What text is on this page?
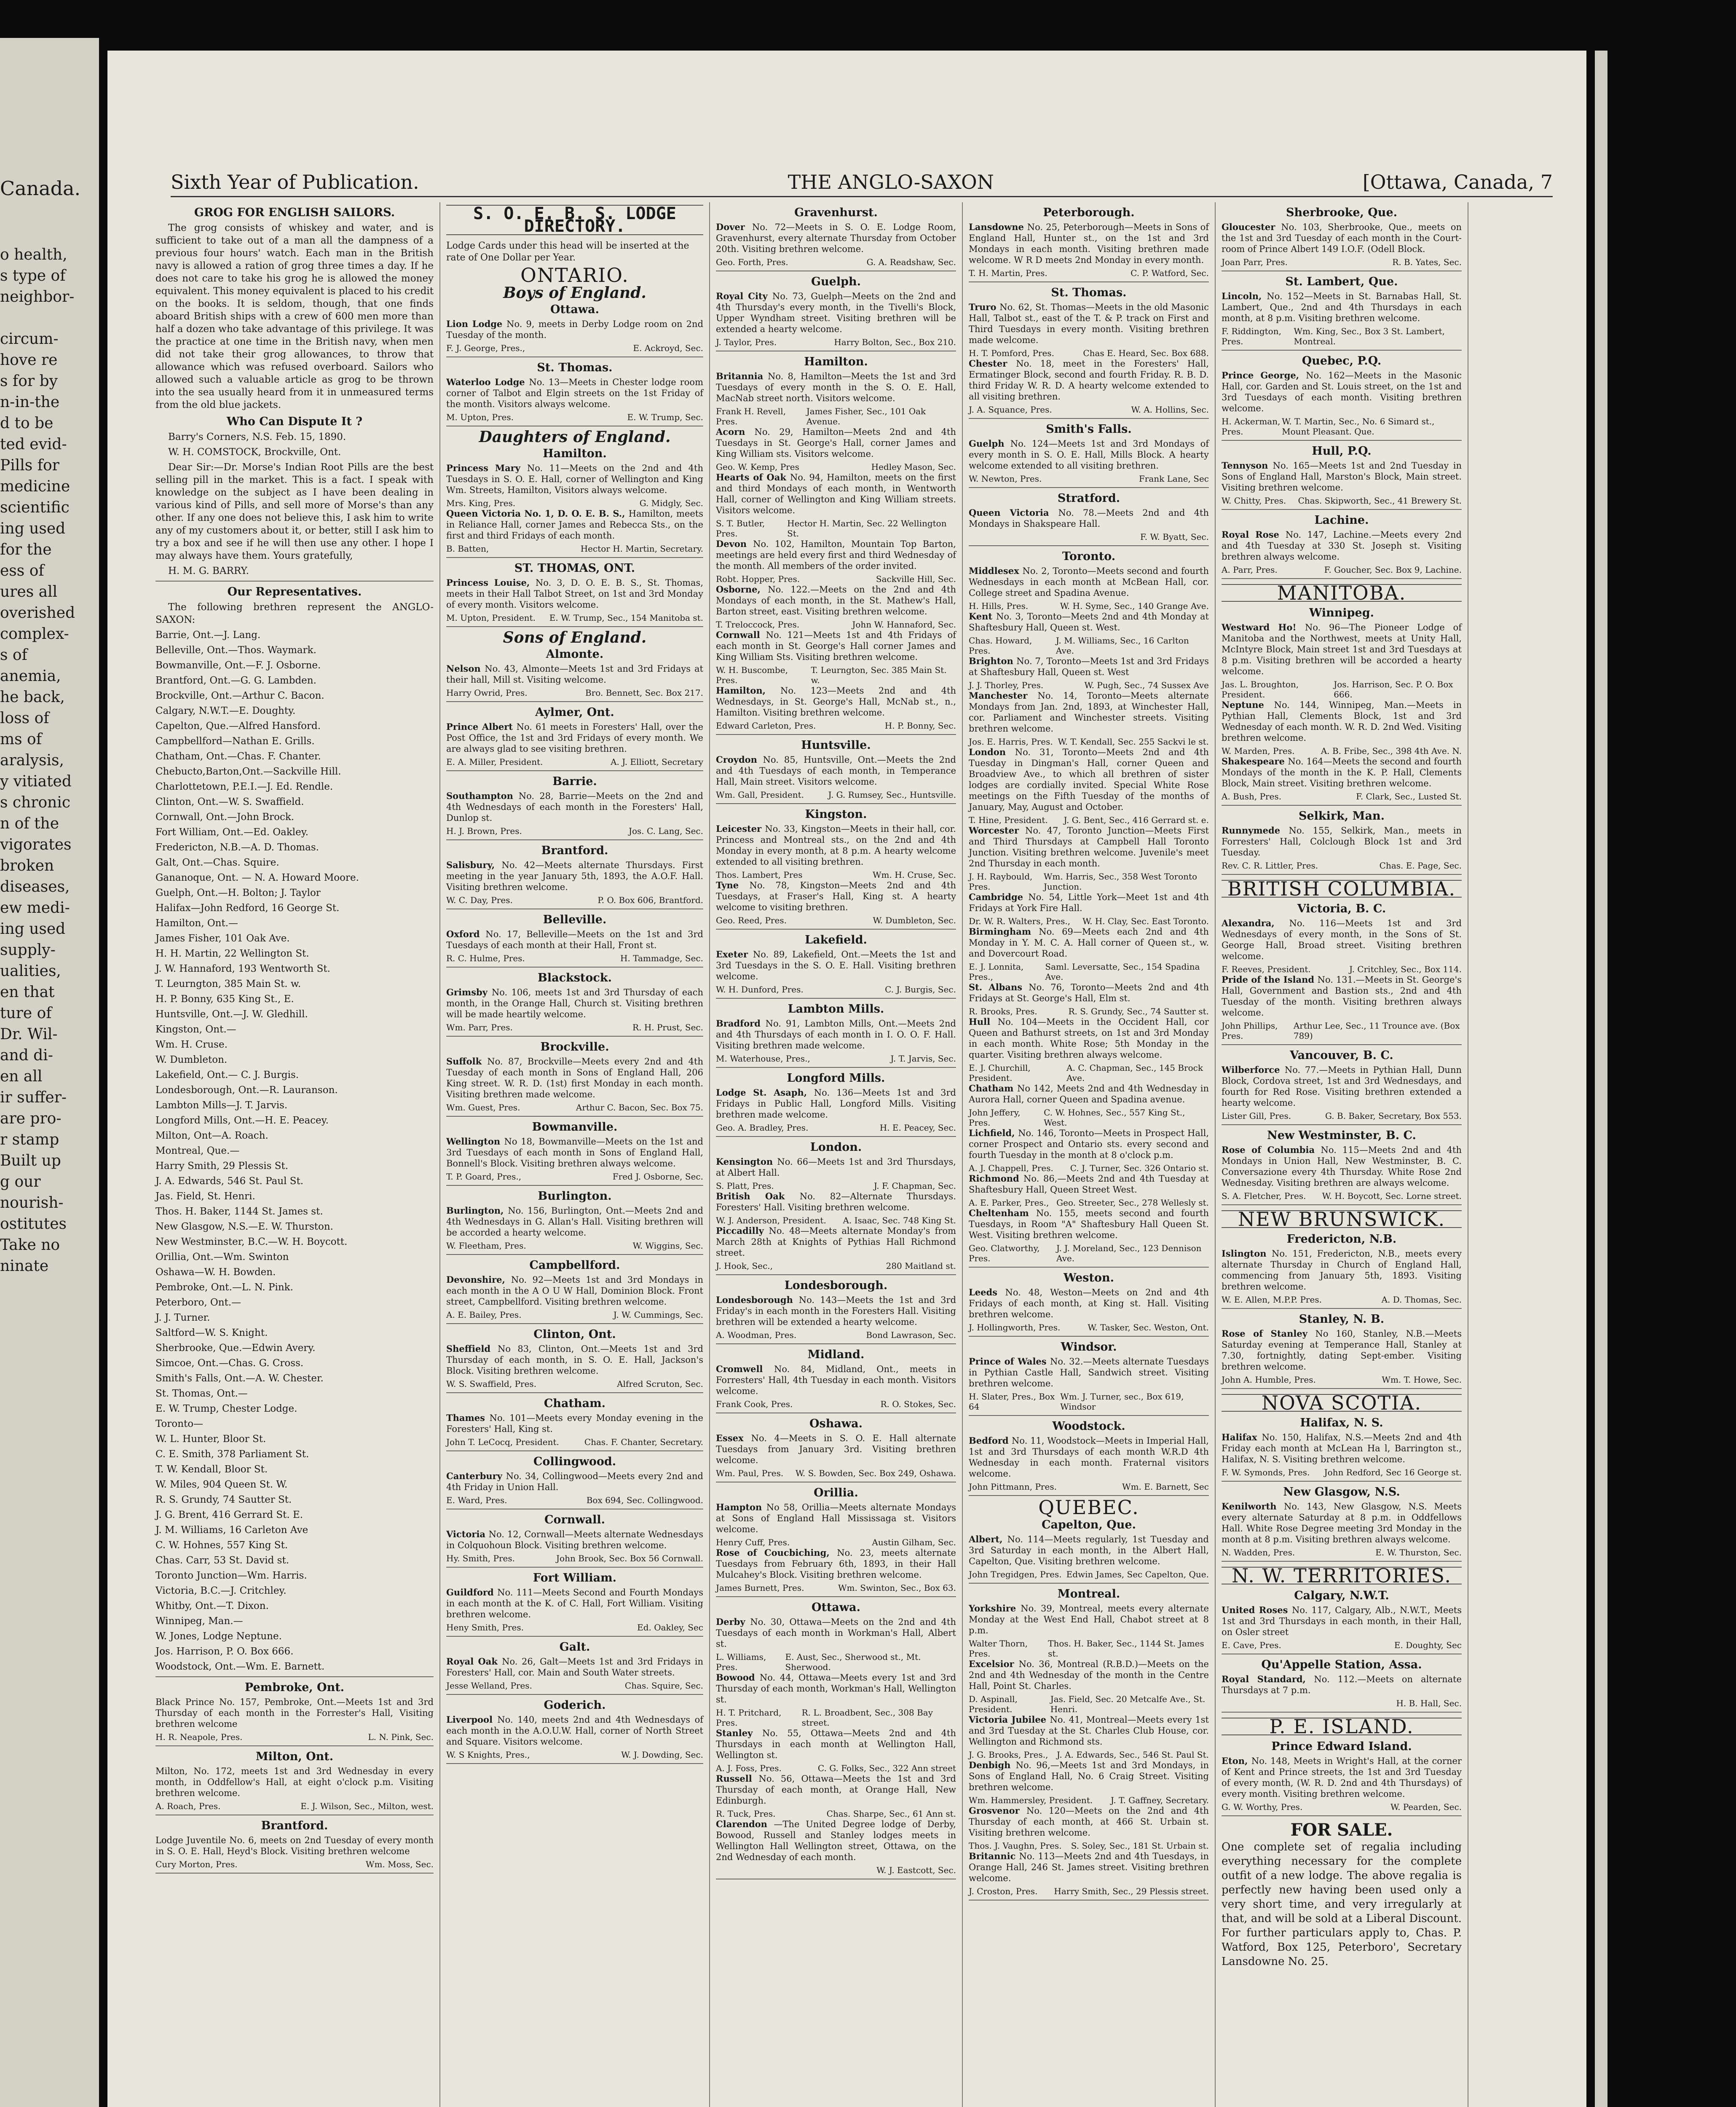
Canada.
o health,
s type of
neighbor-

circum-
hove re
s for by
n-in-the
d to be
ted evid-
Pills for
medicine
scientific
ing used
for the
ess of
ures all
overished
complex-
s of
anemia,
he back,
loss of
ms of
aralysis,
y vitiated
s chronic
n of the
vigorates
broken
diseases,
ew medi-
ing used
supply-
ualities,
en that
ture of
Dr. Wil-
and di-
en all
ir suffer-
are pro-
r stamp
Built up
g our
nourish-
ostitutes
Take no
ninate
Sixth Year of Publication.	THE ANGLO-SAXON	[Ottawa, Canada, 7
GROG FOR ENGLISH SAILORS.
The grog consists of whiskey and water, and is sufficient to take out of a man all the dampness of a previous four hours' watch. Each man in the British navy is allowed a ration of grog three times a day. If he does not care to take his grog he is allowed the money equivalent. This money equivalent is placed to his credit on the books. It is seldom, though, that one finds aboard British ships with a crew of 600 men more than half a dozen who take advantage of this privilege. It was the practice at one time in the British navy, when men did not take their grog allowances, to throw that allowance which was refused overboard. Sailors who allowed such a valuable article as grog to be thrown into the sea usually heard from it in unmeasured terms from the old blue jackets.
Who Can Dispute It ?
Barry's Corners, N.S. Feb. 15, 1890.
W. H. COMSTOCK, Brockville, Ont.
Dear Sir:—Dr. Morse's Indian Root Pills are the best selling pill in the market. This is a fact. I speak with knowledge on the subject as I have been dealing in various kind of Pills, and sell more of Morse's than any other. If any one does not believe this, I ask him to write any of my customers about it, or better, still I ask him to try a box and see if he will then use any other. I hope I may always have them. Yours gratefully,
H. M. G. BARRY.
Our Representatives.
The following brethren represent the ANGLO-SAXON:
Barrie, Ont.—J. Lang.
Belleville, Ont.—Thos. Waymark.
Bowmanville, Ont.—F. J. Osborne.
Brantford, Ont.—G. G. Lambden.
Brockville, Ont.—Arthur C. Bacon.
Calgary, N.W.T.—E. Doughty.
Capelton, Que.—Alfred Hansford.
Campbellford—Nathan E. Grills.
Chatham, Ont.—Chas. F. Chanter.
Chebucto,Barton,Ont.—Sackville Hill.
Charlottetown, P.E.I.—J. Ed. Rendle.
Clinton, Ont.—W. S. Swaffield.
Cornwall, Ont.—John Brock.
Fort William, Ont.—Ed. Oakley.
Fredericton, N.B.—A. D. Thomas.
Galt, Ont.—Chas. Squire.
Gananoque, Ont. — N. A. Howard Moore.
Guelph, Ont.—H. Bolton; J. Taylor
Halifax—John Redford, 16 George St.
Hamilton, Ont.—
James Fisher, 101 Oak Ave.
H. H. Martin, 22 Wellington St.
J. W. Hannaford, 193 Wentworth St.
T. Leurngton, 385 Main St. w.
H. P. Bonny, 635 King St., E.
Huntsville, Ont.—J. W. Gledhill.
Kingston, Ont.—
Wm. H. Cruse.
W. Dumbleton.
Lakefield, Ont.— C. J. Burgis.
Londesborough, Ont.—R. Lauranson.
Lambton Mills—J. T. Jarvis.
Longford Mills, Ont.—H. E. Peacey.
Milton, Ont—A. Roach.
Montreal, Que.—
Harry Smith, 29 Plessis St.
J. A. Edwards, 546 St. Paul St.
Jas. Field, St. Henri.
Thos. H. Baker, 1144 St. James st.
New Glasgow, N.S.—E. W. Thurston.
New Westminster, B.C.—W. H. Boycott.
Orillia, Ont.—Wm. Swinton
Oshawa—W. H. Bowden.
Pembroke, Ont.—L. N. Pink.
Peterboro, Ont.—
J. J. Turner.
Saltford—W. S. Knight.
Sherbrooke, Que.—Edwin Avery.
Simcoe, Ont.—Chas. G. Cross.
Smith's Falls, Ont.—A. W. Chester.
St. Thomas, Ont.—
E. W. Trump, Chester Lodge.
Toronto—
W. L. Hunter, Bloor St.
C. E. Smith, 378 Parliament St.
T. W. Kendall, Bloor St.
W. Miles, 904 Queen St. W.
R. S. Grundy, 74 Sautter St.
J. G. Brent, 416 Gerrard St. E.
J. M. Williams, 16 Carleton Ave
C. W. Hohnes, 557 King St.
Chas. Carr, 53 St. David st.
Toronto Junction—Wm. Harris.
Victoria, B.C.—J. Critchley.
Whitby, Ont.—T. Dixon.
Winnipeg, Man.—
W. Jones, Lodge Neptune.
Jos. Harrison, P. O. Box 666.
Woodstock, Ont.—Wm. E. Barnett.
Pembroke, Ont.
Black Prince No. 157, Pembroke, Ont.—Meets 1st and 3rd Thursday of each month in the Forrester's Hall, Visiting brethren welcome
H. R. Neapole, Pres.	L. N. Pink, Sec.
Milton, Ont.
Milton, No. 172, meets 1st and 3rd Wednesday in every month, in Oddfellow's Hall, at eight o'clock p.m. Visiting brethren welcome.
A. Roach, Pres.	E. J. Wilson, Sec., Milton, west.
Brantford.
Lodge Juventile No. 6, meets on 2nd Tuesday of every month in S. O. E. Hall, Heyd's Block. Visiting brethren welcome
Cury Morton, Pres.	Wm. Moss, Sec.
S. O. E. B. S. LODGE DIRECTORY.
Lodge Cards under this head will be inserted at the rate of One Dollar per Year.
ONTARIO.
Boys of England.
Ottawa.
Lion Lodge No. 9, meets in Derby Lodge room on 2nd Tuesday of the month.
F. J. George, Pres.,	E. Ackroyd, Sec.
St. Thomas.
Waterloo Lodge No. 13—Meets in Chester lodge room corner of Talbot and Elgin streets on the 1st Friday of the month. Visitors always welcome.
M. Upton, Pres.	E. W. Trump, Sec.
Daughters of England.
Hamilton.
Princess Mary No. 11—Meets on the 2nd and 4th Tuesdays in S. O. E. Hall, corner of Wellington and King Wm. Streets, Hamilton, Visitors always welcome.
Mrs. King, Pres.	G. Midgly, Sec.
Queen Victoria No. 1, D. O. E. B. S., Hamilton, meets in Reliance Hall, corner James and Rebecca Sts., on the first and third Fridays of each month.
B. Batten,	Hector H. Martin, Secretary.
ST. THOMAS, ONT.
Princess Louise, No. 3, D. O. E. B. S., St. Thomas, meets in their Hall Talbot Street, on 1st and 3rd Monday of every month. Visitors welcome.
M. Upton, President. E. W. Trump, Sec., 154 Manitoba st.
Sons of England.
Almonte.
Nelson No. 43, Almonte—Meets 1st and 3rd Fridays at their hall, Mill st. Visiting welcome.
Harry Owrid, Pres.	Bro. Bennett, Sec. Box 217.
Aylmer, Ont.
Prince Albert No. 61 meets in Foresters' Hall, over the Post Office, the 1st and 3rd Fridays of every month. We are always glad to see visiting brethren.
E. A. Miller, President.	A. J. Elliott, Secretary
Barrie.
Southampton No. 28, Barrie—Meets on the 2nd and 4th Wednesdays of each month in the Foresters' Hall, Dunlop st.
H. J. Brown, Pres.	Jos. C. Lang, Sec.
Brantford.
Salisbury, No. 42—Meets alternate Thursdays. First meeting in the year January 5th, 1893, the A.O.F. Hall. Visiting brethren welcome.
W. C. Day, Pres.	P. O. Box 606, Brantford.
Belleville.
Oxford No. 17, Belleville—Meets on the 1st and 3rd Tuesdays of each month at their Hall, Front st.
R. C. Hulme, Pres.	H. Tammadge, Sec.
Blackstock.
Grimsby No. 106, meets 1st and 3rd Thursday of each month, in the Orange Hall, Church st. Visiting brethren will be made heartily welcome.
Wm. Parr, Pres.	R. H. Prust, Sec.
Brockville.
Suffolk No. 87, Brockville—Meets every 2nd and 4th Tuesday of each month in Sons of England Hall, 206 King street. W. R. D. (1st) first Monday in each month. Visiting brethren made welcome.
Wm. Guest, Pres.	Arthur C. Bacon, Sec. Box 75.
Bowmanville.
Wellington No 18, Bowmanville—Meets on the 1st and 3rd Tuesdays of each month in Sons of England Hall, Bonnell's Block. Visiting brethren always welcome.
T. P. Goard, Pres.,	Fred J. Osborne, Sec.
Burlington.
Burlington, No. 156, Burlington, Ont.—Meets 2nd and 4th Wednesdays in G. Allan's Hall. Visiting brethren will be accorded a hearty welcome.
W. Fleetham, Pres.	W. Wiggins, Sec.
Campbellford.
Devonshire, No. 92—Meets 1st and 3rd Mondays in each month in the A O U W Hall, Dominion Block. Front street, Campbellford. Visiting brethren welcome.
A. E. Bailey, Pres.	J. W. Cummings, Sec.
Clinton, Ont.
Sheffield No 83, Clinton, Ont.—Meets 1st and 3rd Thursday of each month, in S. O. E. Hall, Jackson's Block. Visiting brethren welcome.
W. S. Swaffield, Pres.	Alfred Scruton, Sec.
Chatham.
Thames No. 101—Meets every Monday evening in the Foresters' Hall, King st.
John T. LeCocq, President.	Chas. F. Chanter, Secretary.
Collingwood.
Canterbury No. 34, Collingwood—Meets every 2nd and 4th Friday in Union Hall.
E. Ward, Pres.	Box 694, Sec. Collingwood.
Cornwall.
Victoria No. 12, Cornwall—Meets alternate Wednesdays in Colquohoun Block. Visiting brethren welcome.
Hy. Smith, Pres.	John Brook, Sec. Box 56 Cornwall.
Fort William.
Guildford No. 111—Meets Second and Fourth Mondays in each month at the K. of C. Hall, Fort William. Visiting brethren welcome.
Heny Smith, Pres.	Ed. Oakley, Sec
Galt.
Royal Oak No. 26, Galt—Meets 1st and 3rd Fridays in Foresters' Hall, cor. Main and South Water streets.
Jesse Welland, Pres.	Chas. Squire, Sec.
Goderich.
Liverpool No. 140, meets 2nd and 4th Wednesdays of each month in the A.O.U.W. Hall, corner of North Street and Square. Visitors welcome.
W. S Knights, Pres.,	W. J. Dowding, Sec.
Gravenhurst.
Dover No. 72—Meets in S. O. E. Lodge Room, Gravenhurst, every alternate Thursday from October 20th. Visiting brethren welcome.
Geo. Forth, Pres.	G. A. Readshaw, Sec.
Guelph.
Royal City No. 73, Guelph—Meets on the 2nd and 4th Thursday's every month, in the Tivelli's Block, Upper Wyndham street. Visiting brethren will be extended a hearty welcome.
J. Taylor, Pres.	Harry Bolton, Sec., Box 210.
Hamilton.
Britannia No. 8, Hamilton—Meets the 1st and 3rd Tuesdays of every month in the S. O. E. Hall, MacNab street north. Visitors welcome.
Frank H. Revell, Pres.
James Fisher, Sec., 101 Oak Avenue.
Acorn No. 29, Hamilton—Meets 2nd and 4th Tuesdays in St. George's Hall, corner James and King William sts. Visitors welcome.
Geo. W. Kemp, Pres	Hedley Mason, Sec.
Hearts of Oak No. 94, Hamilton, meets on the first and third Mondays of each month, in Wentworth Hall, corner of Wellington and King William streets. Visitors welcome.
S. T. Butler, Pres.
Hector H. Martin, Sec. 22 Wellington St.
Devon No. 102, Hamilton, Mountain Top Barton, meetings are held every first and third Wednesday of the month. All members of the order invited.
Robt. Hopper, Pres.	Sackville Hill, Sec.
Osborne, No. 122.—Meets on the 2nd and 4th Mondays of each month, in the St. Mathew's Hall, Barton street, east. Visiting brethren welcome.
T. Treloccock, Pres.	John W. Hannaford, Sec.
Cornwall No. 121—Meets 1st and 4th Fridays of each month in St. George's Hall corner James and King William Sts. Visiting brethren welcome.
W. H. Buscombe, Pres.
T. Leurngton, Sec. 385 Main St. w.
Hamilton, No. 123—Meets 2nd and 4th Wednesdays, in St. George's Hall, McNab st., n., Hamilton. Visiting brethren welcome.
Edward Carleton, Pres.	H. P. Bonny, Sec.
Huntsville.
Croydon No. 85, Huntsville, Ont.—Meets the 2nd and 4th Tuesdays of each month, in Temperance Hall, Main street. Visitors welcome.
Wm. Gall, President.	J. G. Rumsey, Sec., Huntsville.
Kingston.
Leicester No. 33, Kingston—Meets in their hall, cor. Princess and Montreal sts., on the 2nd and 4th Monday in every month, at 8 p.m. A hearty welcome extended to all visiting brethren.
Thos. Lambert, Pres	Wm. H. Cruse, Sec.
Tyne No. 78, Kingston—Meets 2nd and 4th Tuesdays, at Fraser's Hall, King st. A hearty welcome to visiting brethren.
Geo. Reed, Pres.	W. Dumbleton, Sec.
Lakefield.
Exeter No. 89, Lakefield, Ont.—Meets the 1st and 3rd Tuesdays in the S. O. E. Hall. Visiting brethren welcome.
W. H. Dunford, Pres.	C. J. Burgis, Sec.
Lambton Mills.
Bradford No. 91, Lambton Mills, Ont.—Meets 2nd and 4th Thursdays of each month in I. O. O. F. Hall. Visiting brethren made welcome.
M. Waterhouse, Pres.,	J. T. Jarvis, Sec.
Longford Mills.
Lodge St. Asaph, No. 136—Meets 1st and 3rd Fridays in Public Hall, Longford Mills. Visiting brethren made welcome.
Geo. A. Bradley, Pres.	H. E. Peacey, Sec.
London.
Kensington No. 66—Meets 1st and 3rd Thursdays, at Albert Hall.
S. Platt, Pres.	J. F. Chapman, Sec.
British Oak No. 82—Alternate Thursdays. Foresters' Hall. Visiting brethren welcome.
W. J. Anderson, President. A. Isaac, Sec. 748 King St.
Piccadilly No. 48—Meets alternate Monday's from March 28th at Knights of Pythias Hall Richmond street.
J. Hook, Sec.,	280 Maitland st.
Londesborough.
Londesborough No. 143—Meets the 1st and 3rd Friday's in each month in the Foresters Hall. Visiting brethren will be extended a hearty welcome.
A. Woodman, Pres.	Bond Lawrason, Sec.
Midland.
Cromwell No. 84, Midland, Ont., meets in Forresters' Hall, 4th Tuesday in each month. Visitors welcome.
Frank Cook, Pres.	R. O. Stokes, Sec.
Oshawa.
Essex No. 4—Meets in S. O. E. Hall alternate Tuesdays from January 3rd. Visiting brethren welcome.
Wm. Paul, Pres. W. S. Bowden, Sec. Box 249, Oshawa.
Orillia.
Hampton No 58, Orillia—Meets alternate Mondays at Sons of England Hall Mississaga st. Visitors welcome.
Henry Cuff, Pres.	Austin Gilham, Sec.
Rose of Coucbiching, No. 23, meets alternate Tuesdays from February 6th, 1893, in their Hall Mulcahey's Block. Visiting brethren welcome.
James Burnett, Pres.	Wm. Swinton, Sec., Box 63.
Ottawa.
Derby No. 30, Ottawa—Meets on the 2nd and 4th Tuesdays of each month in Workman's Hall, Albert st.
L. Williams, Pres.
E. Aust, Sec., Sherwood st., Mt. Sherwood.
Bowood No. 44, Ottawa—Meets every 1st and 3rd Thursday of each month, Workman's Hall, Wellington st.
H. T. Pritchard, Pres.
R. L. Broadbent, Sec., 308 Bay street.
Stanley No. 55, Ottawa—Meets 2nd and 4th Thursdays in each month at Wellington Hall, Wellington st.
A. J. Foss, Pres.	C. G. Folks, Sec., 322 Ann street
Russell No. 56, Ottawa—Meets the 1st and 3rd Thursday of each month, at Orange Hall, New Edinburgh.
R. Tuck, Pres.	Chas. Sharpe, Sec., 61 Ann st.
Clarendon —The United Degree lodge of Derby, Bowood, Russell and Stanley lodges meets in Wellington Hall Wellington street, Ottawa, on the 2nd Wednesday of each month.
W. J. Eastcott, Sec.
Peterborough.
Lansdowne No. 25, Peterborough—Meets in Sons of England Hall, Hunter st., on the 1st and 3rd Mondays in each month. Visiting brethren made welcome. W R D meets 2nd Monday in every month.
T. H. Martin, Pres.	C. P. Watford, Sec.
St. Thomas.
Truro No. 62, St. Thomas—Meets in the old Masonic Hall, Talbot st., east of the T. & P. track on First and Third Tuesdays in every month. Visiting brethren made welcome.
H. T. Pomford, Pres.	Chas E. Heard, Sec. Box 688.
Chester No. 18, meet in the Foresters' Hall, Ermatinger Block, second and fourth Friday. R. B. D. third Friday W. R. D. A hearty welcome extended to all visiting brethren.
J. A. Squance, Pres.	W. A. Hollins, Sec.
Smith's Falls.
Guelph No. 124—Meets 1st and 3rd Mondays of every month in S. O. E. Hall, Mills Block. A hearty welcome extended to all visiting brethren.
W. Newton, Pres.	Frank Lane, Sec
Stratford.
Queen Victoria No. 78.—Meets 2nd and 4th Mondays in Shakspeare Hall.
F. W. Byatt, Sec.
Toronto.
Middlesex No. 2, Toronto—Meets second and fourth Wednesdays in each month at McBean Hall, cor. College street and Spadina Avenue.
H. Hills, Pres.	W. H. Syme, Sec., 140 Grange Ave.
Kent No. 3, Toronto—Meets 2nd and 4th Monday at Shaftesbury Hall, Queen st. West.
Chas. Howard, Pres.
J. M. Williams, Sec., 16 Carlton Ave.
Brighton No. 7, Toronto—Meets 1st and 3rd Fridays at Shaftesbury Hall, Queen st. West
J. J. Thorley, Pres.	W. Pugh, Sec., 74 Sussex Ave
Manchester No. 14, Toronto—Meets alternate Mondays from Jan. 2nd, 1893, at Winchester Hall, cor. Parliament and Winchester streets. Visiting brethren welcome.
Jos. E. Harris, Pres. W. T. Kendall, Sec. 255 Sackvi le st.
London No. 31, Toronto—Meets 2nd and 4th Tuesday in Dingman's Hall, corner Queen and Broadview Ave., to which all brethren of sister lodges are cordially invited. Special White Rose meetings on the Fifth Tuesday of the months of January, May, August and October.
T. Hine, President. J. G. Bent, Sec., 416 Gerrard st. e.
Worcester No. 47, Toronto Junction—Meets First and Third Thursdays at Campbell Hall Toronto Junction. Visiting brethren welcome. Juvenile's meet 2nd Thursday in each month.
J. H. Raybould, Pres.
Wm. Harris, Sec., 358 West Toronto Junction.
Cambridge No. 54, Little York—Meet 1st and 4th Fridays at York Fire Hall.
Dr. W. R. Walters, Pres., W. H. Clay, Sec. East Toronto.
Birmingham No. 69—Meets each 2nd and 4th Monday in Y. M. C. A. Hall corner of Queen st., w. and Dovercourt Road.
E. J. Lonnita, Pres.,
Saml. Leversatte, Sec., 154 Spadina Ave.
St. Albans No. 76, Toronto—Meets 2nd and 4th Fridays at St. George's Hall, Elm st.
R. Brooks, Pres.	R. S. Grundy, Sec., 74 Sautter st.
Hull No. 104—Meets in the Occident Hall, cor Queen and Bathurst streets, on 1st and 3rd Monday in each month. White Rose; 5th Monday in the quarter. Visiting brethren always welcome.
E. J. Churchill, President.
A. C. Chapman, Sec., 145 Brock Ave.
Chatham No 142, Meets 2nd and 4th Wednesday in Aurora Hall, corner Queen and Spadina avenue.
John Jeffery, Pres.
C. W. Hohnes, Sec., 557 King St., West.
Lichfield, No. 146, Toronto—Meets in Prospect Hall, corner Prospect and Ontario sts. every second and fourth Tuesday in the month at 8 o'clock p.m.
A. J. Chappell, Pres. C. J. Turner, Sec. 326 Ontario st.
Richmond No. 86,—Meets 2nd and 4th Tuesday at Shaftesbury Hall, Queen Street West.
A. E. Parker, Pres., Geo. Streeter, Sec., 278 Wellesly st.
Cheltenham No. 155, meets second and fourth Tuesdays, in Room "A" Shaftesbury Hall Queen St. West. Visiting brethren welcome.
Geo. Clatworthy, Pres.
J. J. Moreland, Sec., 123 Dennison Ave.
Weston.
Leeds No. 48, Weston—Meets on 2nd and 4th Fridays of each month, at King st. Hall. Visiting brethren welcome.
J. Hollingworth, Pres.	W. Tasker, Sec. Weston, Ont.
Windsor.
Prince of Wales No. 32.—Meets alternate Tuesdays in Pythian Castle Hall, Sandwich street. Visiting brethren welcome.
H. Slater, Pres., Box 64
Wm. J. Turner, sec., Box 619, Windsor
Woodstock.
Bedford No. 11, Woodstock—Meets in Imperial Hall, 1st and 3rd Thursdays of each month W.R.D 4th Wednesday in each month. Fraternal visitors welcome.
John Pittmann, Pres.	Wm. E. Barnett, Sec
QUEBEC.
Capelton, Que.
Albert, No. 114—Meets regularly, 1st Tuesday and 3rd Saturday in each month, in the Albert Hall, Capelton, Que. Visiting brethren welcome.
John Tregidgen, Pres. Edwin James, Sec Capelton, Que.
Montreal.
Yorkshire No. 39, Montreal, meets every alternate Monday at the West End Hall, Chabot street at 8 p.m.
Walter Thorn, Pres.
Thos. H. Baker, Sec., 1144 St. James st.
Excelsior No. 36, Montreal (R.B.D.)—Meets on the 2nd and 4th Wednesday of the month in the Centre Hall, Point St. Charles.
D. Aspinall, President.
Jas. Field, Sec. 20 Metcalfe Ave., St. Henri.
Victoria Jubilee No. 41, Montreal—Meets every 1st and 3rd Tuesday at the St. Charles Club House, cor. Wellington and Richmond sts.
J. G. Brooks, Pres., J. A. Edwards, Sec., 546 St. Paul St.
Denbigh No. 96,—Meets 1st and 3rd Mondays, in Sons of England Hall, No. 6 Craig Street. Visiting brethren welcome.
Wm. Hammersley, President. J. T. Gaffney, Secretary.
Grosvenor No. 120—Meets on the 2nd and 4th Thursday of each month, at 466 St. Urbain st. Visiting brethren welcome.
Thos. J. Vaughn, Pres. S. Soley, Sec., 181 St. Urbain st.
Britannic No. 113—Meets 2nd and 4th Tuesdays, in Orange Hall, 246 St. James street. Visiting brethren welcome.
J. Croston, Pres. Harry Smith, Sec., 29 Plessis street.
Sherbrooke, Que.
Gloucester No. 103, Sherbrooke, Que., meets on the 1st and 3rd Tuesday of each month in the Court-room of Prince Albert 149 I.O.F. (Odell Block.
Joan Parr, Pres.	R. B. Yates, Sec.
St. Lambert, Que.
Lincoln, No. 152—Meets in St. Barnabas Hall, St. Lambert, Que., 2nd and 4th Thursdays in each month, at 8 p.m. Visiting brethren welcome.
F. Riddington, Pres.
Wm. King, Sec., Box 3 St. Lambert, Montreal.
Quebec, P.Q.
Prince George, No. 162—Meets in the Masonic Hall, cor. Garden and St. Louis street, on the 1st and 3rd Tuesdays of each month. Visiting brethren welcome.
H. Ackerman, Pres.
W. T. Martin, Sec., No. 6 Simard st., Mount Pleasant. Que.
Hull, P.Q.
Tennyson No. 165—Meets 1st and 2nd Tuesday in Sons of England Hall, Marston's Block, Main street. Visiting brethren welcome.
W. Chitty, Pres. Chas. Skipworth, Sec., 41 Brewery St.
Lachine.
Royal Rose No. 147, Lachine.—Meets every 2nd and 4th Tuesday at 330 St. Joseph st. Visiting brethren always welcome.
A. Parr, Pres.	F. Goucher, Sec. Box 9, Lachine.
MANITOBA.
Winnipeg.
Westward Ho! No. 96—The Pioneer Lodge of Manitoba and the Northwest, meets at Unity Hall, McIntyre Block, Main street 1st and 3rd Tuesdays at 8 p.m. Visiting brethren will be accorded a hearty welcome.
Jas. L. Broughton, President.
Jos. Harrison, Sec. P. O. Box 666.
Neptune No. 144, Winnipeg, Man.—Meets in Pythian Hall, Clements Block, 1st and 3rd Wednesday of each month. W. R. D. 2nd Wed. Visiting brethren welcome.
W. Marden, Pres.	A. B. Fribe, Sec., 398 4th Ave. N.
Shakespeare No. 164—Meets the second and fourth Mondays of the month in the K. P. Hall, Clements Block, Main street. Visiting brethren welcome.
A. Bush, Pres.	F. Clark, Sec., Lusted St.
Selkirk, Man.
Runnymede No. 155, Selkirk, Man., meets in Forresters' Hall, Colclough Block 1st and 3rd Tuesday.
Rev. C. R. Littler, Pres.	Chas. E. Page, Sec.
BRITISH COLUMBIA.
Victoria, B. C.
Alexandra, No. 116—Meets 1st and 3rd Wednesdays of every month, in the Sons of St. George Hall, Broad street. Visiting brethren welcome.
F. Reeves, President.	J. Critchley, Sec., Box 114.
Pride of the Island No. 131.—Meets in St. George's Hall, Government and Bastion sts., 2nd and 4th Tuesday of the month. Visiting brethren always welcome.
John Phillips, Pres.
Arthur Lee, Sec., 11 Trounce ave. (Box 789)
Vancouver, B. C.
Wilberforce No. 77.—Meets in Pythian Hall, Dunn Block, Cordova street, 1st and 3rd Wednesdays, and fourth for Red Rose. Visiting brethren extended a hearty welcome.
Lister Gill, Pres.	G. B. Baker, Secretary, Box 553.
New Westminster, B. C.
Rose of Columbia No. 115—Meets 2nd and 4th Mondays in Union Hall, New Westminster, B. C. Conversazione every 4th Thursday. White Rose 2nd Wednesday. Visiting brethren are always welcome.
S. A. Fletcher, Pres. W. H. Boycott, Sec. Lorne street.
NEW BRUNSWICK.
Fredericton, N.B.
Islington No. 151, Fredericton, N.B., meets every alternate Thursday in Church of England Hall, commencing from January 5th, 1893. Visiting brethren welcome.
W. E. Allen, M.P.P. Pres.	A. D. Thomas, Sec.
Stanley, N. B.
Rose of Stanley No 160, Stanley, N.B.—Meets Saturday evening at Temperance Hall, Stanley at 7.30, fortnightly, dating Sept-ember. Visiting brethren welcome.
John A. Humble, Pres.	Wm. T. Howe, Sec.
NOVA SCOTIA.
Halifax, N. S.
Halifax No. 150, Halifax, N.S.—Meets 2nd and 4th Friday each month at McLean Ha l, Barrington st., Halifax, N. S. Visiting brethren welcome.
F. W. Symonds, Pres. John Redford, Sec 16 George st.
New Glasgow, N.S.
Kenilworth No. 143, New Glasgow, N.S. Meets every alternate Saturday at 8 p.m. in Oddfellows Hall. White Rose Degree meeting 3rd Monday in the month at 8 p.m. Visiting brethren always welcome.
N. Wadden, Pres.	E. W. Thurston, Sec.
N. W. TERRITORIES.
Calgary, N.W.T.
United Roses No. 117, Calgary, Alb., N.W.T., Meets 1st and 3rd Thursdays in each month, in their Hall, on Osler street
E. Cave, Pres.	E. Doughty, Sec
Qu'Appelle Station, Assa.
Royal Standard, No. 112.—Meets on alternate Thursdays at 7 p.m.
H. B. Hall, Sec.
P. E. ISLAND.
Prince Edward Island.
Eton, No. 148, Meets in Wright's Hall, at the corner of Kent and Prince streets, the 1st and 3rd Tuesday of every month, (W. R. D. 2nd and 4th Thursdays) of every month. Visiting brethren welcome.
G. W. Worthy, Pres.	W. Pearden, Sec.
FOR SALE.
One complete set of regalia including everything necessary for the complete outfit of a new lodge. The above regalia is perfectly new having been used only a very short time, and very irregularly at that, and will be sold at a Liberal Discount. For further particulars apply to, Chas. P. Watford, Box 125, Peterboro', Secretary Lansdowne No. 25.
